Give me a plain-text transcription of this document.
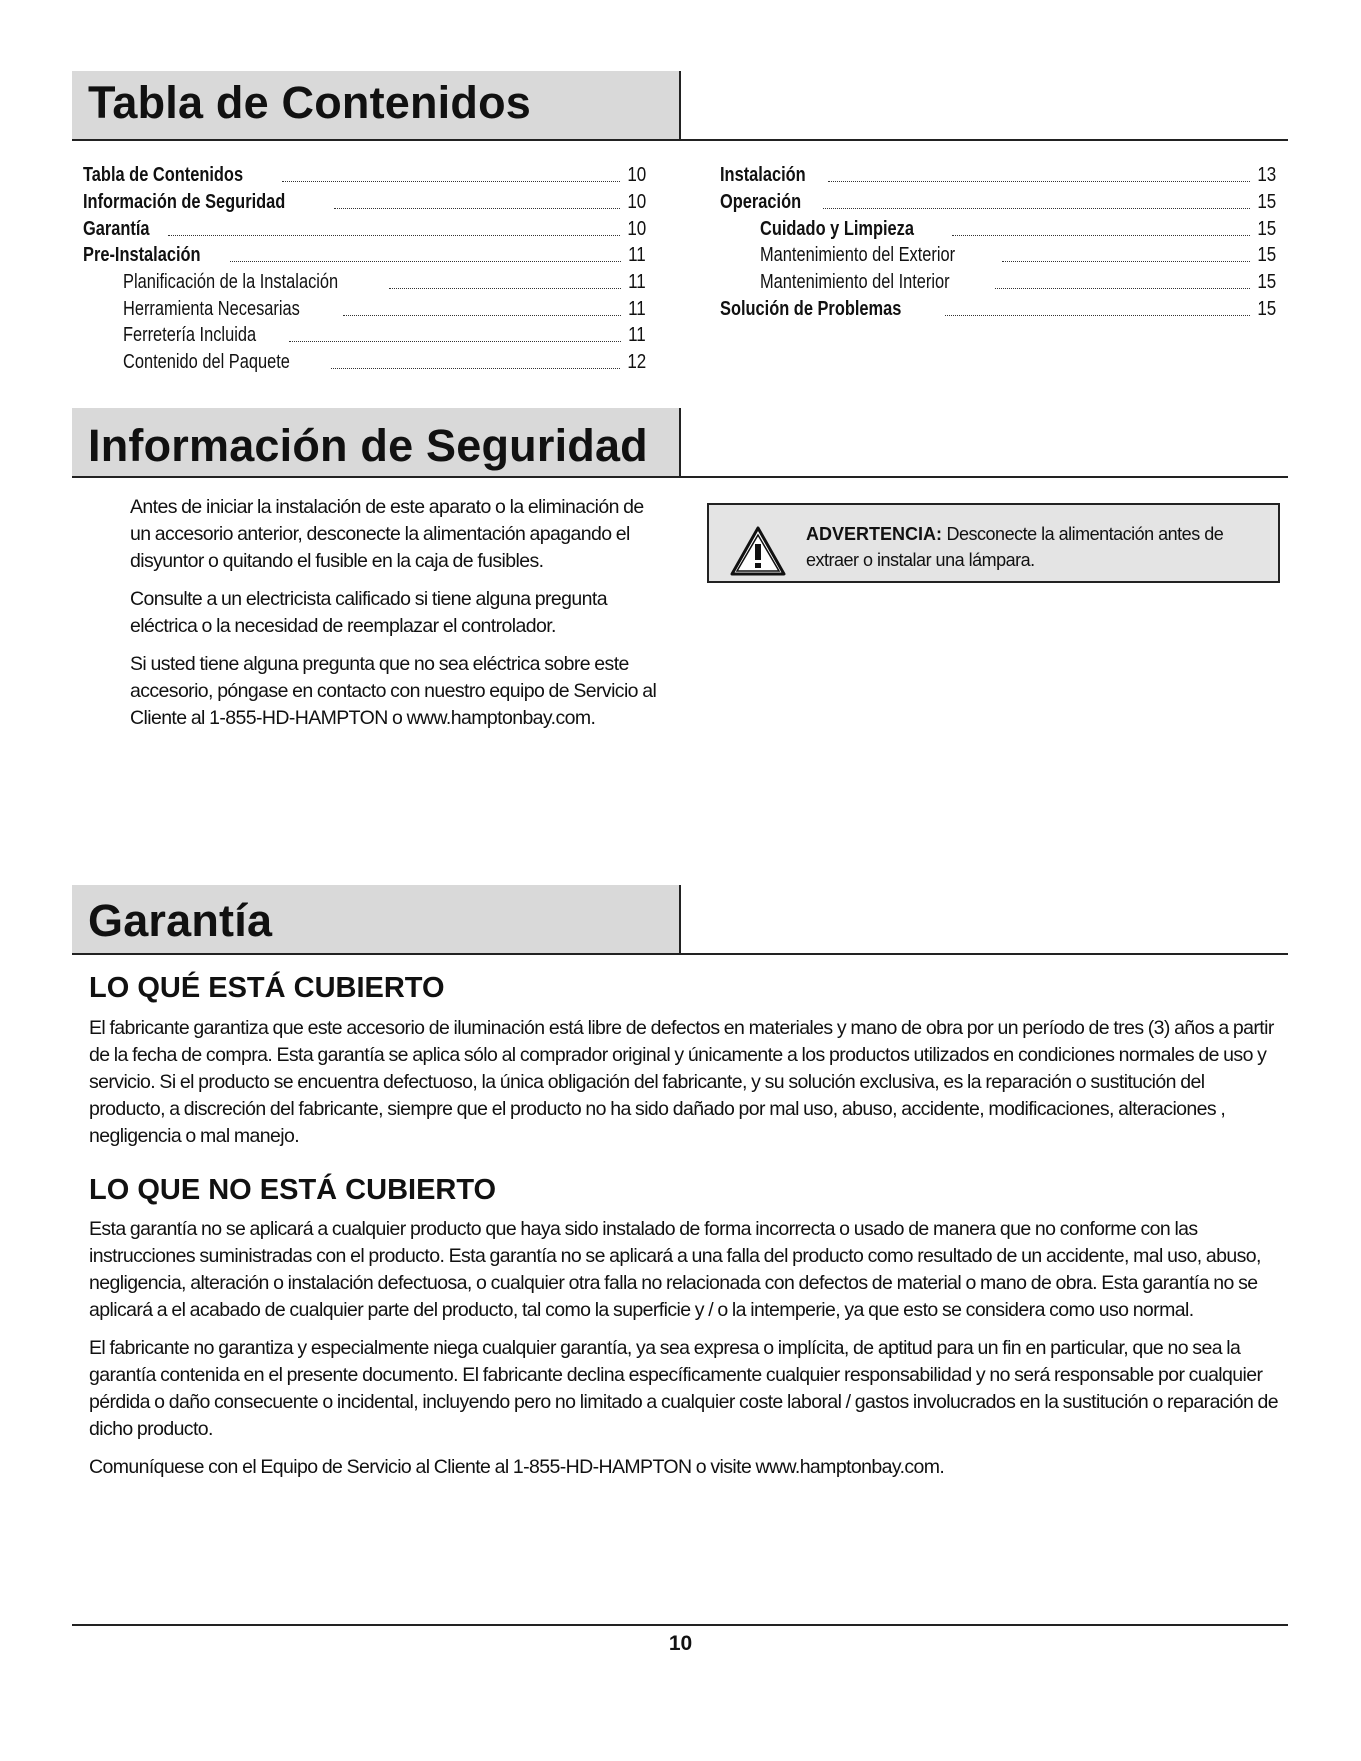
Tabla de Contenidos
Tabla de Contenidos	10
Información de Seguridad	10
Garantía	10
Pre-Instalación	11
Planificación de la Instalación	11
Herramienta Necesarias	11
Ferretería Incluida	11
Contenido del Paquete	12
Instalación	13
Operación	15
Cuidado y Limpieza	15
Mantenimiento del Exterior	15
Mantenimiento del Interior	15
Solución de Problemas	15
Información de Seguridad

Antes de iniciar la instalación de este aparato o la eliminación de un accesorio anterior, desconecte la alimentación apagando el disyuntor o quitando el fusible en la caja de fusibles.

Consulte a un electricista calificado si tiene alguna pregunta eléctrica o la necesidad de reemplazar el controlador.

Si usted tiene alguna pregunta que no sea eléctrica sobre este accesorio, póngase en contacto con nuestro equipo de Servicio al Cliente al 1-855-HD-HAMPTON o www.hamptonbay.com.

ADVERTENCIA: Desconecte la alimentación antes de extraer o instalar una lámpara.
Garantía
LO QUÉ ESTÁ CUBIERTO

El fabricante garantiza que este accesorio de iluminación está libre de defectos en materiales y mano de obra por un período de tres (3) años a partir de la fecha de compra. Esta garantía se aplica sólo al comprador original y únicamente a los productos utilizados en condiciones normales de uso y servicio. Si el producto se encuentra defectuoso, la única obligación del fabricante, y su solución exclusiva, es la reparación o sustitución del producto, a discreción del fabricante, siempre que el producto no ha sido dañado por mal uso, abuso, accidente, modificaciones, alteraciones , negligencia o mal manejo.

LO QUE NO ESTÁ CUBIERTO

Esta garantía no se aplicará a cualquier producto que haya sido instalado de forma incorrecta o usado de manera que no conforme con las instrucciones suministradas con el producto. Esta garantía no se aplicará a una falla del producto como resultado de un accidente, mal uso, abuso, negligencia, alteración o instalación defectuosa, o cualquier otra falla no relacionada con defectos de material o mano de obra. Esta garantía no se aplicará a el acabado de cualquier parte del producto, tal como la superficie y / o la intemperie, ya que esto se considera como uso normal.

El fabricante no garantiza y especialmente niega cualquier garantía, ya sea expresa o implícita, de aptitud para un fin en particular, que no sea la garantía contenida en el presente documento. El fabricante declina específicamente cualquier responsabilidad y no será responsable por cualquier pérdida o daño consecuente o incidental, incluyendo pero no limitado a cualquier coste laboral / gastos involucrados en la sustitución o reparación de dicho producto.

Comuníquese con el Equipo de Servicio al Cliente al 1-855-HD-HAMPTON o visite www.hamptonbay.com.

10
